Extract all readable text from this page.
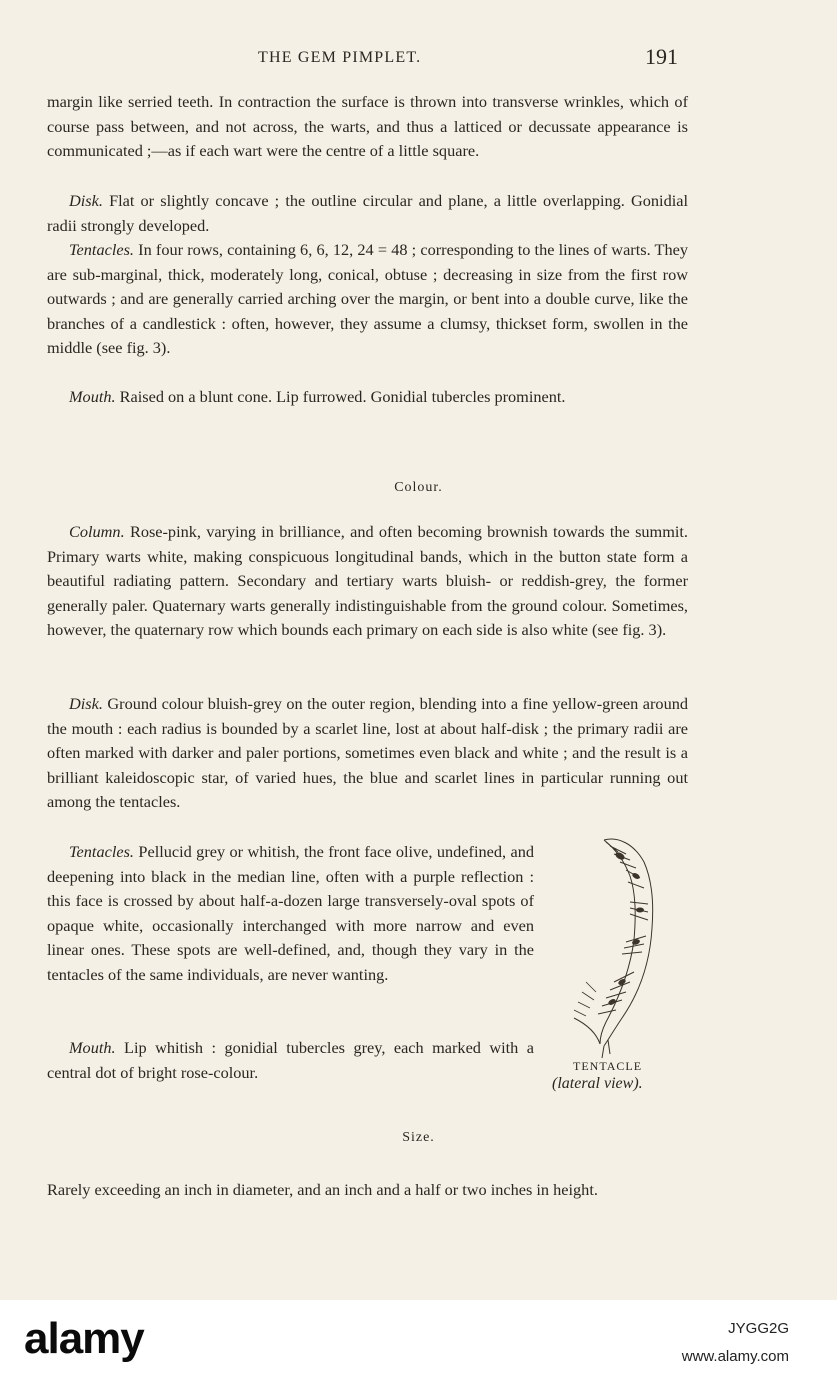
THE GEM PIMPLET.	191

margin like serried teeth. In contraction the surface is thrown into transverse wrinkles, which of course pass between, and not across, the warts, and thus a latticed or decussate appearance is communicated ;—as if each wart were the centre of a little square.

Disk. Flat or slightly concave ; the outline circular and plane, a little overlapping. Gonidial radii strongly developed.

Tentacles. In four rows, containing 6, 6, 12, 24 = 48 ; corresponding to the lines of warts. They are sub-marginal, thick, moderately long, conical, obtuse ; decreasing in size from the first row outwards ; and are generally carried arching over the margin, or bent into a double curve, like the branches of a candlestick : often, however, they assume a clumsy, thickset form, swollen in the middle (see fig. 3).

Mouth. Raised on a blunt cone. Lip furrowed. Gonidial tubercles prominent.

Colour.

Column. Rose-pink, varying in brilliance, and often becoming brownish towards the summit. Primary warts white, making conspicuous longitudinal bands, which in the button state form a beautiful radiating pattern. Secondary and tertiary warts bluish- or reddish-grey, the former generally paler. Quaternary warts generally indistinguishable from the ground colour. Sometimes, however, the quaternary row which bounds each primary on each side is also white (see fig. 3).

Disk. Ground colour bluish-grey on the outer region, blending into a fine yellow-green around the mouth : each radius is bounded by a scarlet line, lost at about half-disk ; the primary radii are often marked with darker and paler portions, sometimes even black and white ; and the result is a brilliant kaleidoscopic star, of varied hues, the blue and scarlet lines in particular running out among the tentacles.

Tentacles. Pellucid grey or whitish, the front face olive, undefined, and deepening into black in the median line, often with a purple reflection : this face is crossed by about half-a-dozen large transversely-oval spots of opaque white, occasionally interchanged with more narrow and even linear ones. These spots are well-defined, and, though they vary in the tentacles of the same individuals, are never wanting.

Mouth. Lip whitish : gonidial tubercles grey, each marked with a central dot of bright rose-colour.	TENTACLE
(lateral view).
Size.

Rarely exceeding an inch in diameter, and an inch and a half or two inches in height.

alamy	JYGG2G
www.alamy.com
